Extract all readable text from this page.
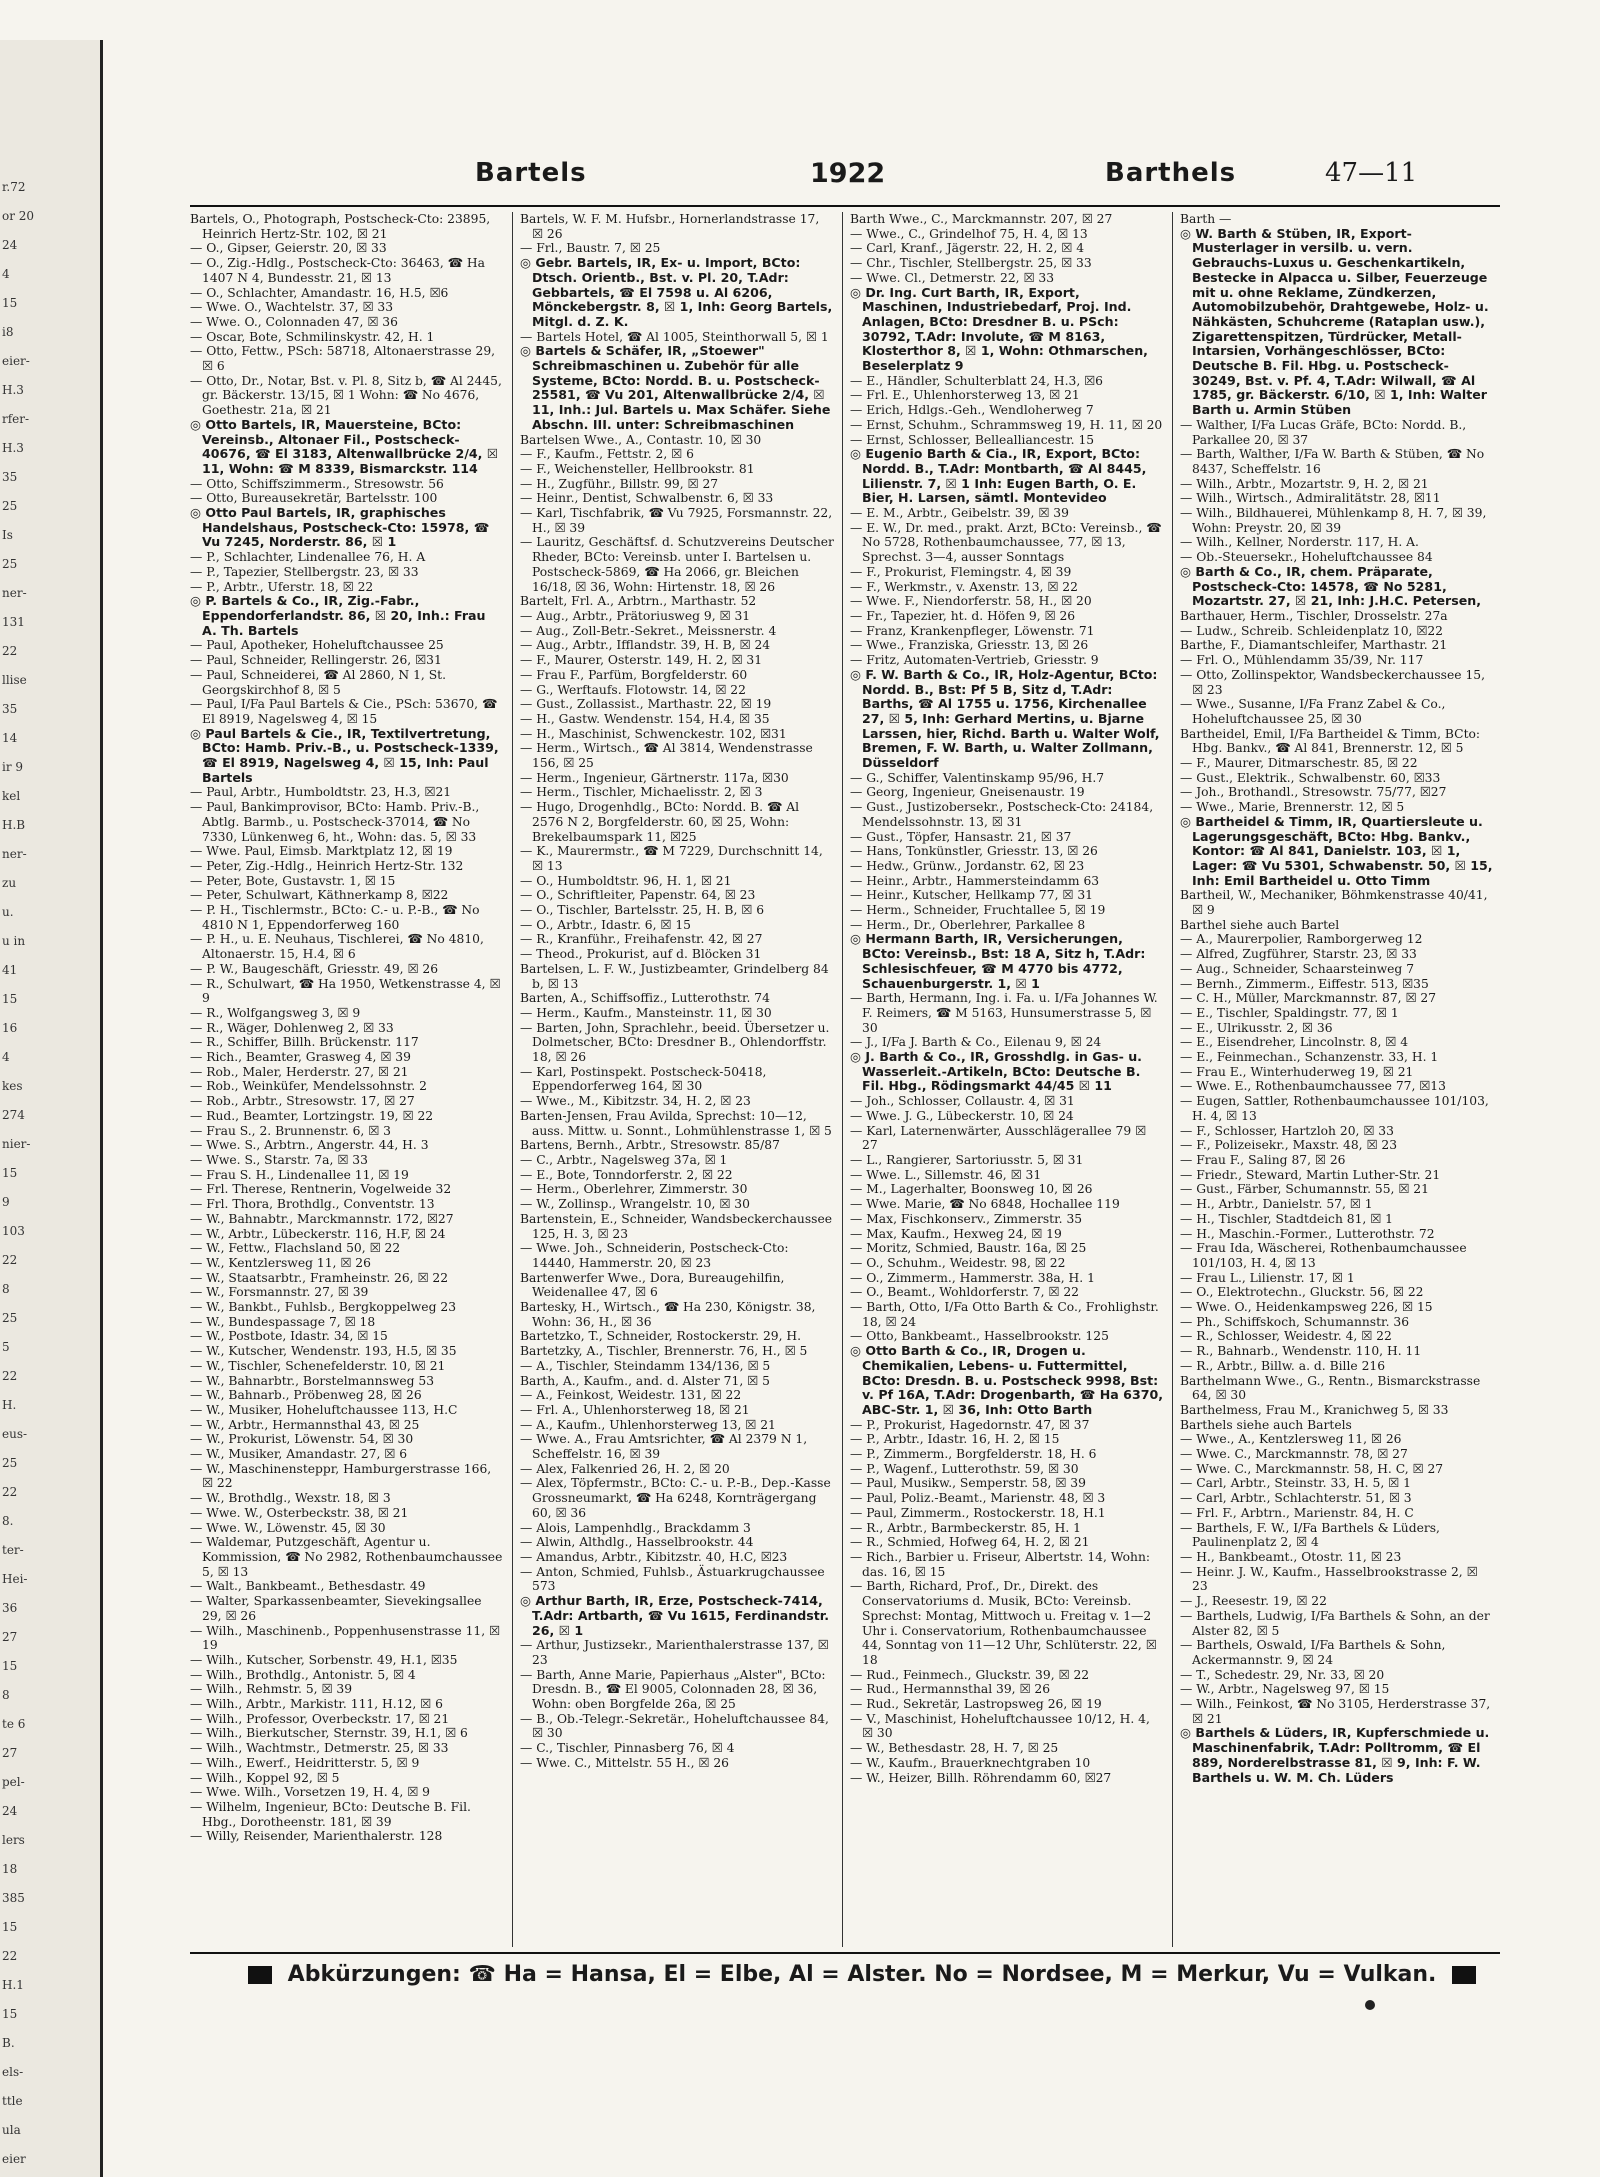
r.72
or 20
24
4
15
i8
eier-
H.3
rfer-
H.3
35
25
Is
25
ner-
131
22
llise
35
14
ir 9
kel
H.B
ner-
zu
u.
u in
41
15
16
4
kes
274
nier-
15
9
103
22
8
25
5
22
H.
eus-
25
22
8.
ter-
Hei-
36
27
15
8
te 6
27
pel-
24
lers
18
385
15
22
H.1
15
B.
els-
ttle
ula
eier
Bartels	1922	Barthels	47—11

Bartels, O., Photograph, Postscheck-Cto: 23895, Heinrich Hertz-Str. 102, ☒ 21

— O., Gipser, Geierstr. 20, ☒ 33

— O., Zig.-Hdlg., Postscheck-Cto: 36463, ☎ Ha 1407 N 4, Bundesstr. 21, ☒ 13

— O., Schlachter, Amandastr. 16, H.5, ☒6

— Wwe. O., Wachtelstr. 37, ☒ 33

— Wwe. O., Colonnaden 47, ☒ 36

— Oscar, Bote, Schmilinskystr. 42, H. 1

— Otto, Fettw., PSch: 58718, Altonaerstrasse 29, ☒ 6

— Otto, Dr., Notar, Bst. v. Pl. 8, Sitz b, ☎ Al 2445, gr. Bäckerstr. 13/15, ☒ 1 Wohn: ☎ No 4676, Goethestr. 21a, ☒ 21

◎ Otto Bartels, IR, Mauersteine, BCto: Vereinsb., Altonaer Fil., Postscheck-40676, ☎ El 3183, Altenwallbrücke 2/4, ☒ 11, Wohn: ☎ M 8339, Bismarckstr. 114

— Otto, Schiffszimmerm., Stresowstr. 56

— Otto, Bureausekretär, Bartelsstr. 100

◎ Otto Paul Bartels, IR, graphisches Handelshaus, Postscheck-Cto: 15978, ☎ Vu 7245, Norderstr. 86, ☒ 1

— P., Schlachter, Lindenallee 76, H. A

— P., Tapezier, Stellbergstr. 23, ☒ 33

— P., Arbtr., Uferstr. 18, ☒ 22

◎ P. Bartels & Co., IR, Zig.-Fabr., Eppendorferlandstr. 86, ☒ 20, Inh.: Frau A. Th. Bartels

— Paul, Apotheker, Hoheluftchaussee 25

— Paul, Schneider, Rellingerstr. 26, ☒31

— Paul, Schneiderei, ☎ Al 2860, N 1, St. Georgskirchhof 8, ☒ 5

— Paul, I/Fa Paul Bartels & Cie., PSch: 53670, ☎ El 8919, Nagelsweg 4, ☒ 15

◎ Paul Bartels & Cie., IR, Textilvertretung, BCto: Hamb. Priv.-B., u. Postscheck-1339, ☎ El 8919, Nagelsweg 4, ☒ 15, Inh: Paul Bartels

— Paul, Arbtr., Humboldtstr. 23, H.3, ☒21

— Paul, Bankimprovisor, BCto: Hamb. Priv.-B., Abtlg. Barmb., u. Postscheck-37014, ☎ No 7330, Lünkenweg 6, ht., Wohn: das. 5, ☒ 33

— Wwe. Paul, Eimsb. Marktplatz 12, ☒ 19

— Peter, Zig.-Hdlg., Heinrich Hertz-Str. 132

— Peter, Bote, Gustavstr. 1, ☒ 15

— Peter, Schulwart, Käthnerkamp 8, ☒22

— P. H., Tischlermstr., BCto: C.- u. P.-B., ☎ No 4810 N 1, Eppendorferweg 160

— P. H., u. E. Neuhaus, Tischlerei, ☎ No 4810, Altonaerstr. 15, H.4, ☒ 6

— P. W., Baugeschäft, Griesstr. 49, ☒ 26

— R., Schulwart, ☎ Ha 1950, Wetkenstrasse 4, ☒ 9

— R., Wolfgangsweg 3, ☒ 9

— R., Wäger, Dohlenweg 2, ☒ 33

— R., Schiffer, Billh. Brückenstr. 117

— Rich., Beamter, Grasweg 4, ☒ 39

— Rob., Maler, Herderstr. 27, ☒ 21

— Rob., Weinküfer, Mendelssohnstr. 2

— Rob., Arbtr., Stresowstr. 17, ☒ 27

— Rud., Beamter, Lortzingstr. 19, ☒ 22

— Frau S., 2. Brunnenstr. 6, ☒ 3

— Wwe. S., Arbtrn., Angerstr. 44, H. 3

— Wwe. S., Starstr. 7a, ☒ 33

— Frau S. H., Lindenallee 11, ☒ 19

— Frl. Therese, Rentnerin, Vogelweide 32

— Frl. Thora, Brothdlg., Conventstr. 13

— W., Bahnabtr., Marckmannstr. 172, ☒27

— W., Arbtr., Lübeckerstr. 116, H.F, ☒ 24

— W., Fettw., Flachsland 50, ☒ 22

— W., Kentzlersweg 11, ☒ 26

— W., Staatsarbtr., Framheinstr. 26, ☒ 22

— W., Forsmannstr. 27, ☒ 39

— W., Bankbt., Fuhlsb., Bergkoppelweg 23

— W., Bundespassage 7, ☒ 18

— W., Postbote, Idastr. 34, ☒ 15

— W., Kutscher, Wendenstr. 193, H.5, ☒ 35

— W., Tischler, Schenefelderstr. 10, ☒ 21

— W., Bahnarbtr., Borstelmannsweg 53

— W., Bahnarb., Pröbenweg 28, ☒ 26

— W., Musiker, Hoheluftchaussee 113, H.C

— W., Arbtr., Hermannsthal 43, ☒ 25

— W., Prokurist, Löwenstr. 54, ☒ 30

— W., Musiker, Amandastr. 27, ☒ 6

— W., Maschinensteppr, Hamburgerstrasse 166, ☒ 22

— W., Brothdlg., Wexstr. 18, ☒ 3

— Wwe. W., Osterbeckstr. 38, ☒ 21

— Wwe. W., Löwenstr. 45, ☒ 30

— Waldemar, Putzgeschäft, Agentur u. Kommission, ☎ No 2982, Rothenbaumchaussee 5, ☒ 13

— Walt., Bankbeamt., Bethesdastr. 49

— Walter, Sparkassenbeamter, Sievekingsallee 29, ☒ 26

— Wilh., Maschinenb., Poppenhusenstrasse 11, ☒ 19

— Wilh., Kutscher, Sorbenstr. 49, H.1, ☒35

— Wilh., Brothdlg., Antonistr. 5, ☒ 4

— Wilh., Rehmstr. 5, ☒ 39

— Wilh., Arbtr., Markistr. 111, H.12, ☒ 6

— Wilh., Professor, Overbeckstr. 17, ☒ 21

— Wilh., Bierkutscher, Sternstr. 39, H.1, ☒ 6

— Wilh., Wachtmstr., Detmerstr. 25, ☒ 33

— Wilh., Ewerf., Heidritterstr. 5, ☒ 9

— Wilh., Koppel 92, ☒ 5

— Wwe. Wilh., Vorsetzen 19, H. 4, ☒ 9

— Wilhelm, Ingenieur, BCto: Deutsche B. Fil. Hbg., Dorotheenstr. 181, ☒ 39

— Willy, Reisender, Marienthalerstr. 128

Bartels, W. F. M. Hufsbr., Hornerlandstrasse 17, ☒ 26

— Frl., Baustr. 7, ☒ 25

◎ Gebr. Bartels, IR, Ex- u. Import, BCto: Dtsch. Orientb., Bst. v. Pl. 20, T.Adr: Gebbartels, ☎ El 7598 u. Al 6206, Mönckebergstr. 8, ☒ 1, Inh: Georg Bartels, Mitgl. d. Z. K.

— Bartels Hotel, ☎ Al 1005, Steinthorwall 5, ☒ 1

◎ Bartels & Schäfer, IR, „Stoewer" Schreibmaschinen u. Zubehör für alle Systeme, BCto: Nordd. B. u. Postscheck-25581, ☎ Vu 201, Altenwallbrücke 2/4, ☒ 11, Inh.: Jul. Bartels u. Max Schäfer. Siehe Abschn. III. unter: Schreibmaschinen

Bartelsen Wwe., A., Contastr. 10, ☒ 30

— F., Kaufm., Fettstr. 2, ☒ 6

— F., Weichensteller, Hellbrookstr. 81

— H., Zugführ., Billstr. 99, ☒ 27

— Heinr., Dentist, Schwalbenstr. 6, ☒ 33

— Karl, Tischfabrik, ☎ Vu 7925, Forsmannstr. 22, H., ☒ 39

— Lauritz, Geschäftsf. d. Schutzvereins Deutscher Rheder, BCto: Vereinsb. unter I. Bartelsen u. Postscheck-5869, ☎ Ha 2066, gr. Bleichen 16/18, ☒ 36, Wohn: Hirtenstr. 18, ☒ 26

Bartelt, Frl. A., Arbtrn., Marthastr. 52

— Aug., Arbtr., Prätoriusweg 9, ☒ 31

— Aug., Zoll-Betr.-Sekret., Meissnerstr. 4

— Aug., Arbtr., Ifflandstr. 39, H. B, ☒ 24

— F., Maurer, Osterstr. 149, H. 2, ☒ 31

— Frau F., Parfüm, Borgfelderstr. 60

— G., Werftaufs. Flotowstr. 14, ☒ 22

— Gust., Zollassist., Marthastr. 22, ☒ 19

— H., Gastw. Wendenstr. 154, H.4, ☒ 35

— H., Maschinist, Schwenckestr. 102, ☒31

— Herm., Wirtsch., ☎ Al 3814, Wendenstrasse 156, ☒ 25

— Herm., Ingenieur, Gärtnerstr. 117a, ☒30

— Herm., Tischler, Michaelisstr. 2, ☒ 3

— Hugo, Drogenhdlg., BCto: Nordd. B. ☎ Al 2576 N 2, Borgfelderstr. 60, ☒ 25, Wohn: Brekelbaumspark 11, ☒25

— K., Maurermstr., ☎ M 7229, Durchschnitt 14, ☒ 13

— O., Humboldtstr. 96, H. 1, ☒ 21

— O., Schriftleiter, Papenstr. 64, ☒ 23

— O., Tischler, Bartelsstr. 25, H. B, ☒ 6

— O., Arbtr., Idastr. 6, ☒ 15

— R., Kranführ., Freihafenstr. 42, ☒ 27

— Theod., Prokurist, auf d. Blöcken 31

Bartelsen, L. F. W., Justizbeamter, Grindelberg 84 b, ☒ 13

Barten, A., Schiffsoffiz., Lutterothstr. 74

— Herm., Kaufm., Mansteinstr. 11, ☒ 30

— Barten, John, Sprachlehr., beeid. Übersetzer u. Dolmetscher, BCto: Dresdner B., Ohlendorffstr. 18, ☒ 26

— Karl, Postinspekt. Postscheck-50418, Eppendorferweg 164, ☒ 30

— Wwe., M., Kibitzstr. 34, H. 2, ☒ 23

Barten-Jensen, Frau Avilda, Sprechst: 10—12, auss. Mittw. u. Sonnt., Lohmühlenstrasse 1, ☒ 5

Bartens, Bernh., Arbtr., Stresowstr. 85/87

— C., Arbtr., Nagelsweg 37a, ☒ 1

— E., Bote, Tonndorferstr. 2, ☒ 22

— Herm., Oberlehrer, Zimmerstr. 30

— W., Zollinsp., Wrangelstr. 10, ☒ 30

Bartenstein, E., Schneider, Wandsbeckerchaussee 125, H. 3, ☒ 23

— Wwe. Joh., Schneiderin, Postscheck-Cto: 14440, Hammerstr. 20, ☒ 23

Bartenwerfer Wwe., Dora, Bureaugehilfin, Weidenallee 47, ☒ 6

Bartesky, H., Wirtsch., ☎ Ha 230, Königstr. 38, Wohn: 36, H., ☒ 36

Bartetzko, T., Schneider, Rostockerstr. 29, H.

Bartetzky, A., Tischler, Brennerstr. 76, H., ☒ 5

— A., Tischler, Steindamm 134/136, ☒ 5

Barth, A., Kaufm., and. d. Alster 71, ☒ 5

— A., Feinkost, Weidestr. 131, ☒ 22

— Frl. A., Uhlenhorsterweg 18, ☒ 21

— A., Kaufm., Uhlenhorsterweg 13, ☒ 21

— Wwe. A., Frau Amtsrichter, ☎ Al 2379 N 1, Scheffelstr. 16, ☒ 39

— Alex, Falkenried 26, H. 2, ☒ 20

— Alex, Töpfermstr., BCto: C.- u. P.-B., Dep.-Kasse Grossneumarkt, ☎ Ha 6248, Kornträgergang 60, ☒ 36

— Alois, Lampenhdlg., Brackdamm 3

— Alwin, Althdlg., Hasselbrookstr. 44

— Amandus, Arbtr., Kibitzstr. 40, H.C, ☒23

— Anton, Schmied, Fuhlsb., Ästuarkrugchaussee 573

◎ Arthur Barth, IR, Erze, Postscheck-7414, T.Adr: Artbarth, ☎ Vu 1615, Ferdinandstr. 26, ☒ 1

— Arthur, Justizsekr., Marienthalerstrasse 137, ☒ 23

— Barth, Anne Marie, Papierhaus „Alster", BCto: Dresdn. B., ☎ El 9005, Colonnaden 28, ☒ 36, Wohn: oben Borgfelde 26a, ☒ 25

— B., Ob.-Telegr.-Sekretär., Hoheluftchaussee 84, ☒ 30

— C., Tischler, Pinnasberg 76, ☒ 4

— Wwe. C., Mittelstr. 55 H., ☒ 26

Barth Wwe., C., Marckmannstr. 207, ☒ 27

— Wwe., C., Grindelhof 75, H. 4, ☒ 13

— Carl, Kranf., Jägerstr. 22, H. 2, ☒ 4

— Chr., Tischler, Stellbergstr. 25, ☒ 33

— Wwe. Cl., Detmerstr. 22, ☒ 33

◎ Dr. Ing. Curt Barth, IR, Export, Maschinen, Industriebedarf, Proj. Ind. Anlagen, BCto: Dresdner B. u. PSch: 30792, T.Adr: Involute, ☎ M 8163, Klosterthor 8, ☒ 1, Wohn: Othmarschen, Beselerplatz 9

— E., Händler, Schulterblatt 24, H.3, ☒6

— Frl. E., Uhlenhorsterweg 13, ☒ 21

— Erich, Hdlgs.-Geh., Wendloherweg 7

— Ernst, Schuhm., Schrammsweg 19, H. 11, ☒ 20

— Ernst, Schlosser, Bellealliancestr. 15

◎ Eugenio Barth & Cia., IR, Export, BCto: Nordd. B., T.Adr: Montbarth, ☎ Al 8445, Lilienstr. 7, ☒ 1 Inh: Eugen Barth, O. E. Bier, H. Larsen, sämtl. Montevideo

— E. M., Arbtr., Geibelstr. 39, ☒ 39

— E. W., Dr. med., prakt. Arzt, BCto: Vereinsb., ☎ No 5728, Rothenbaumchaussee, 77, ☒ 13, Sprechst. 3—4, ausser Sonntags

— F., Prokurist, Flemingstr. 4, ☒ 39

— F., Werkmstr., v. Axenstr. 13, ☒ 22

— Wwe. F., Niendorferstr. 58, H., ☒ 20

— Fr., Tapezier, ht. d. Höfen 9, ☒ 26

— Franz, Krankenpfleger, Löwenstr. 71

— Wwe., Franziska, Griesstr. 13, ☒ 26

— Fritz, Automaten-Vertrieb, Griesstr. 9

◎ F. W. Barth & Co., IR, Holz-Agentur, BCto: Nordd. B., Bst: Pf 5 B, Sitz d, T.Adr: Barths, ☎ Al 1755 u. 1756, Kirchenallee 27, ☒ 5, Inh: Gerhard Mertins, u. Bjarne Larssen, hier, Richd. Barth u. Walter Wolf, Bremen, F. W. Barth, u. Walter Zollmann, Düsseldorf

— G., Schiffer, Valentinskamp 95/96, H.7

— Georg, Ingenieur, Gneisenaustr. 19

— Gust., Justizobersekr., Postscheck-Cto: 24184, Mendelssohnstr. 13, ☒ 31

— Gust., Töpfer, Hansastr. 21, ☒ 37

— Hans, Tonkünstler, Griesstr. 13, ☒ 26

— Hedw., Grünw., Jordanstr. 62, ☒ 23

— Heinr., Arbtr., Hammersteindamm 63

— Heinr., Kutscher, Hellkamp 77, ☒ 31

— Herm., Schneider, Fruchtallee 5, ☒ 19

— Herm., Dr., Oberlehrer, Parkallee 8

◎ Hermann Barth, IR, Versicherungen, BCto: Vereinsb., Bst: 18 A, Sitz h, T.Adr: Schlesischfeuer, ☎ M 4770 bis 4772, Schauenburgerstr. 1, ☒ 1

— Barth, Hermann, Ing. i. Fa. u. I/Fa Johannes W. F. Reimers, ☎ M 5163, Hunsumerstrasse 5, ☒ 30

— J., I/Fa J. Barth & Co., Eilenau 9, ☒ 24

◎ J. Barth & Co., IR, Grosshdlg. in Gas- u. Wasserleit.-Artikeln, BCto: Deutsche B. Fil. Hbg., Rödingsmarkt 44/45 ☒ 11

— Joh., Schlosser, Collaustr. 4, ☒ 31

— Wwe. J. G., Lübeckerstr. 10, ☒ 24

— Karl, Laternenwärter, Ausschlägerallee 79 ☒ 27

— L., Rangierer, Sartoriusstr. 5, ☒ 31

— Wwe. L., Sillemstr. 46, ☒ 31

— M., Lagerhalter, Boonsweg 10, ☒ 26

— Wwe. Marie, ☎ No 6848, Hochallee 119

— Max, Fischkonserv., Zimmerstr. 35

— Max, Kaufm., Hexweg 24, ☒ 19

— Moritz, Schmied, Baustr. 16a, ☒ 25

— O., Schuhm., Weidestr. 98, ☒ 22

— O., Zimmerm., Hammerstr. 38a, H. 1

— O., Beamt., Wohldorferstr. 7, ☒ 22

— Barth, Otto, I/Fa Otto Barth & Co., Frohlighstr. 18, ☒ 24

— Otto, Bankbeamt., Hasselbrookstr. 125

◎ Otto Barth & Co., IR, Drogen u. Chemikalien, Lebens- u. Futtermittel, BCto: Dresdn. B. u. Postscheck 9998, Bst: v. Pf 16A, T.Adr: Drogenbarth, ☎ Ha 6370, ABC-Str. 1, ☒ 36, Inh: Otto Barth

— P., Prokurist, Hagedornstr. 47, ☒ 37

— P., Arbtr., Idastr. 16, H. 2, ☒ 15

— P., Zimmerm., Borgfelderstr. 18, H. 6

— P., Wagenf., Lutterothstr. 59, ☒ 30

— Paul, Musikw., Semperstr. 58, ☒ 39

— Paul, Poliz.-Beamt., Marienstr. 48, ☒ 3

— Paul, Zimmerm., Rostockerstr. 18, H.1

— R., Arbtr., Barmbeckerstr. 85, H. 1

— R., Schmied, Hofweg 64, H. 2, ☒ 21

— Rich., Barbier u. Friseur, Albertstr. 14, Wohn: das. 16, ☒ 15

— Barth, Richard, Prof., Dr., Direkt. des Conservatoriums d. Musik, BCto: Vereinsb. Sprechst: Montag, Mittwoch u. Freitag v. 1—2 Uhr i. Conservatorium, Rothenbaumchaussee 44, Sonntag von 11—12 Uhr, Schlüterstr. 22, ☒ 18

— Rud., Feinmech., Gluckstr. 39, ☒ 22

— Rud., Hermannsthal 39, ☒ 26

— Rud., Sekretär, Lastropsweg 26, ☒ 19

— V., Maschinist, Hoheluftchaussee 10/12, H. 4, ☒ 30

— W., Bethesdastr. 28, H. 7, ☒ 25

— W., Kaufm., Brauerknechtgraben 10

— W., Heizer, Billh. Röhrendamm 60, ☒27

Barth —

◎ W. Barth & Stüben, IR, Export-Musterlager in versilb. u. vern. Gebrauchs-Luxus u. Geschenkartikeln, Bestecke in Alpacca u. Silber, Feuerzeuge mit u. ohne Reklame, Zündkerzen, Automobilzubehör, Drahtgewebe, Holz- u. Nähkästen, Schuhcreme (Rataplan usw.), Zigarettenspitzen, Türdrücker, Metall-Intarsien, Vorhängeschlösser, BCto: Deutsche B. Fil. Hbg. u. Postscheck-30249, Bst. v. Pf. 4, T.Adr: Wilwall, ☎ Al 1785, gr. Bäckerstr. 6/10, ☒ 1, Inh: Walter Barth u. Armin Stüben

— Walther, I/Fa Lucas Gräfe, BCto: Nordd. B., Parkallee 20, ☒ 37

— Barth, Walther, I/Fa W. Barth & Stüben, ☎ No 8437, Scheffelstr. 16

— Wilh., Arbtr., Mozartstr. 9, H. 2, ☒ 21

— Wilh., Wirtsch., Admiralitätstr. 28, ☒11

— Wilh., Bildhauerei, Mühlenkamp 8, H. 7, ☒ 39, Wohn: Preystr. 20, ☒ 39

— Wilh., Kellner, Norderstr. 117, H. A.

— Ob.-Steuersekr., Hoheluftchaussee 84

◎ Barth & Co., IR, chem. Präparate, Postscheck-Cto: 14578, ☎ No 5281, Mozartstr. 27, ☒ 21, Inh: J.H.C. Petersen,

Barthauer, Herm., Tischler, Drosselstr. 27a

— Ludw., Schreib. Schleidenplatz 10, ☒22

Barthe, F., Diamantschleifer, Marthastr. 21

— Frl. O., Mühlendamm 35/39, Nr. 117

— Otto, Zollinspektor, Wandsbeckerchaussee 15, ☒ 23

— Wwe., Susanne, I/Fa Franz Zabel & Co., Hoheluftchaussee 25, ☒ 30

Bartheidel, Emil, I/Fa Bartheidel & Timm, BCto: Hbg. Bankv., ☎ Al 841, Brennerstr. 12, ☒ 5

— F., Maurer, Ditmarschestr. 85, ☒ 22

— Gust., Elektrik., Schwalbenstr. 60, ☒33

— Joh., Brothandl., Stresowstr. 75/77, ☒27

— Wwe., Marie, Brennerstr. 12, ☒ 5

◎ Bartheidel & Timm, IR, Quartiersleute u. Lagerungsgeschäft, BCto: Hbg. Bankv., Kontor: ☎ Al 841, Danielstr. 103, ☒ 1, Lager: ☎ Vu 5301, Schwabenstr. 50, ☒ 15, Inh: Emil Bartheidel u. Otto Timm

Bartheil, W., Mechaniker, Böhmkenstrasse 40/41, ☒ 9

Barthel siehe auch Bartel

— A., Maurerpolier, Ramborgerweg 12

— Alfred, Zugführer, Starstr. 23, ☒ 33

— Aug., Schneider, Schaarsteinweg 7

— Bernh., Zimmerm., Eiffestr. 513, ☒35

— C. H., Müller, Marckmannstr. 87, ☒ 27

— E., Tischler, Spaldingstr. 77, ☒ 1

— E., Ulrikusstr. 2, ☒ 36

— E., Eisendreher, Lincolnstr. 8, ☒ 4

— E., Feinmechan., Schanzenstr. 33, H. 1

— Frau E., Winterhuderweg 19, ☒ 21

— Wwe. E., Rothenbaumchaussee 77, ☒13

— Eugen, Sattler, Rothenbaumchaussee 101/103, H. 4, ☒ 13

— F., Schlosser, Hartzloh 20, ☒ 33

— F., Polizeisekr., Maxstr. 48, ☒ 23

— Frau F., Saling 87, ☒ 26

— Friedr., Steward, Martin Luther-Str. 21

— Gust., Färber, Schumannstr. 55, ☒ 21

— H., Arbtr., Danielstr. 57, ☒ 1

— H., Tischler, Stadtdeich 81, ☒ 1

— H., Maschin.-Former., Lutterothstr. 72

— Frau Ida, Wäscherei, Rothenbaumchaussee 101/103, H. 4, ☒ 13

— Frau L., Lilienstr. 17, ☒ 1

— O., Elektrotechn., Gluckstr. 56, ☒ 22

— Wwe. O., Heidenkampsweg 226, ☒ 15

— Ph., Schiffskoch, Schumannstr. 36

— R., Schlosser, Weidestr. 4, ☒ 22

— R., Bahnarb., Wendenstr. 110, H. 11

— R., Arbtr., Billw. a. d. Bille 216

Barthelmann Wwe., G., Rentn., Bismarckstrasse 64, ☒ 30

Barthelmess, Frau M., Kranichweg 5, ☒ 33

Barthels siehe auch Bartels

— Wwe., A., Kentzlersweg 11, ☒ 26

— Wwe. C., Marckmannstr. 78, ☒ 27

— Wwe. C., Marckmannstr. 58, H. C, ☒ 27

— Carl, Arbtr., Steinstr. 33, H. 5, ☒ 1

— Carl, Arbtr., Schlachterstr. 51, ☒ 3

— Frl. F., Arbtrn., Marienstr. 84, H. C

— Barthels, F. W., I/Fa Barthels & Lüders, Paulinenplatz 2, ☒ 4

— H., Bankbeamt., Otostr. 11, ☒ 23

— Heinr. J. W., Kaufm., Hasselbrookstrasse 2, ☒ 23

— J., Reesestr. 19, ☒ 22

— Barthels, Ludwig, I/Fa Barthels & Sohn, an der Alster 82, ☒ 5

— Barthels, Oswald, I/Fa Barthels & Sohn, Ackermannstr. 9, ☒ 24

— T., Schedestr. 29, Nr. 33, ☒ 20

— W., Arbtr., Nagelsweg 97, ☒ 15

— Wilh., Feinkost, ☎ No 3105, Herderstrasse 37, ☒ 21

◎ Barthels & Lüders, IR, Kupferschmiede u. Maschinenfabrik, T.Adr: Polltromm, ☎ El 889, Norderelbstrasse 81, ☒ 9, Inh: F. W. Barthels u. W. M. Ch. Lüders

Abkürzungen: ☎ Ha = Hansa, El = Elbe, Al = Alster. No = Nordsee, M = Merkur, Vu = Vulkan.
